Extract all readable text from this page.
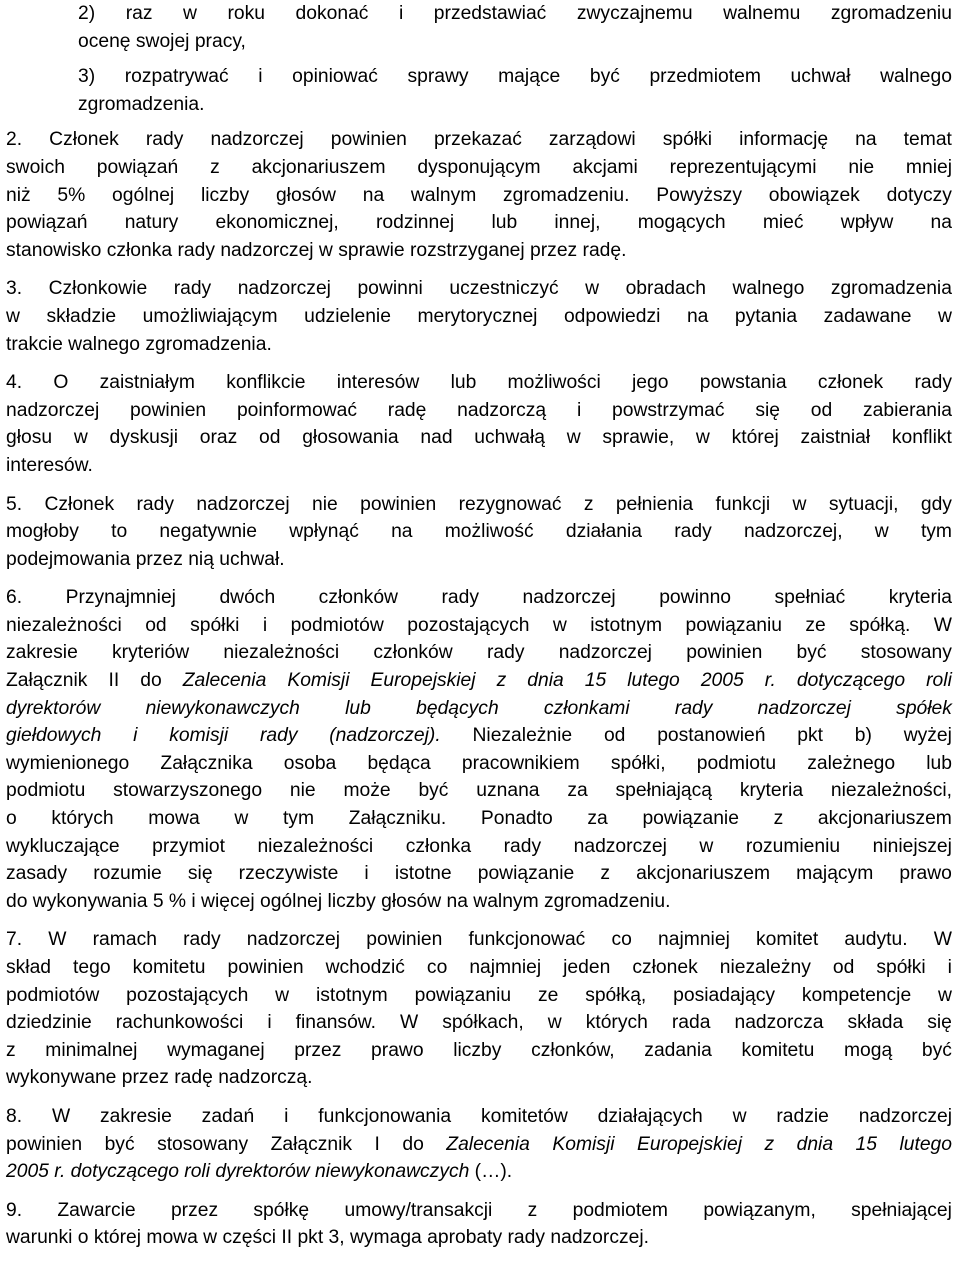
2) raz w roku dokonać i przedstawiać zwyczajnemu walnemu zgromadzeniu
ocenę swojej pracy,
3) rozpatrywać i opiniować sprawy mające być przedmiotem uchwał walnego
zgromadzenia.
2. Członek rady nadzorczej powinien przekazać zarządowi spółki informację na temat
swoich powiązań z akcjonariuszem dysponującym akcjami reprezentującymi nie mniej
niż 5% ogólnej liczby głosów na walnym zgromadzeniu. Powyższy obowiązek dotyczy
powiązań natury ekonomicznej, rodzinnej lub innej, mogących mieć wpływ na
stanowisko członka rady nadzorczej w sprawie rozstrzyganej przez radę.
3. Członkowie rady nadzorczej powinni uczestniczyć w obradach walnego zgromadzenia
w składzie umożliwiającym udzielenie merytorycznej odpowiedzi na pytania zadawane w
trakcie walnego zgromadzenia.
4. O zaistniałym konflikcie interesów lub możliwości jego powstania członek rady
nadzorczej powinien poinformować radę nadzorczą i powstrzymać się od zabierania
głosu w dyskusji oraz od głosowania nad uchwałą w sprawie, w której zaistniał konflikt
interesów.
5. Członek rady nadzorczej nie powinien rezygnować z pełnienia funkcji w sytuacji, gdy
mogłoby to negatywnie wpłynąć na możliwość działania rady nadzorczej, w tym
podejmowania przez nią uchwał.
6. Przynajmniej dwóch członków rady nadzorczej powinno spełniać kryteria
niezależności od spółki i podmiotów pozostających w istotnym powiązaniu ze spółką. W
zakresie kryteriów niezależności członków rady nadzorczej powinien być stosowany
Załącznik II do Zalecenia Komisji Europejskiej z dnia 15 lutego 2005 r. dotyczącego roli
dyrektorów niewykonawczych lub będących członkami rady nadzorczej spółek
giełdowych i komisji rady (nadzorczej). Niezależnie od postanowień pkt b) wyżej
wymienionego Załącznika osoba będąca pracownikiem spółki, podmiotu zależnego lub
podmiotu stowarzyszonego nie może być uznana za spełniającą kryteria niezależności,
o których mowa w tym Załączniku. Ponadto za powiązanie z akcjonariuszem
wykluczające przymiot niezależności członka rady nadzorczej w rozumieniu niniejszej
zasady rozumie się rzeczywiste i istotne powiązanie z akcjonariuszem mającym prawo
do wykonywania 5 % i więcej ogólnej liczby głosów na walnym zgromadzeniu.
7. W ramach rady nadzorczej powinien funkcjonować co najmniej komitet audytu. W
skład tego komitetu powinien wchodzić co najmniej jeden członek niezależny od spółki i
podmiotów pozostających w istotnym powiązaniu ze spółką, posiadający kompetencje w
dziedzinie rachunkowości i finansów. W spółkach, w których rada nadzorcza składa się
z minimalnej wymaganej przez prawo liczby członków, zadania komitetu mogą być
wykonywane przez radę nadzorczą.
8. W zakresie zadań i funkcjonowania komitetów działających w radzie nadzorczej
powinien być stosowany Załącznik I do Zalecenia Komisji Europejskiej z dnia 15 lutego
2005 r. dotyczącego roli dyrektorów niewykonawczych (…).
9. Zawarcie przez spółkę umowy/transakcji z podmiotem powiązanym, spełniającej
warunki o której mowa w części II pkt 3, wymaga aprobaty rady nadzorczej.
